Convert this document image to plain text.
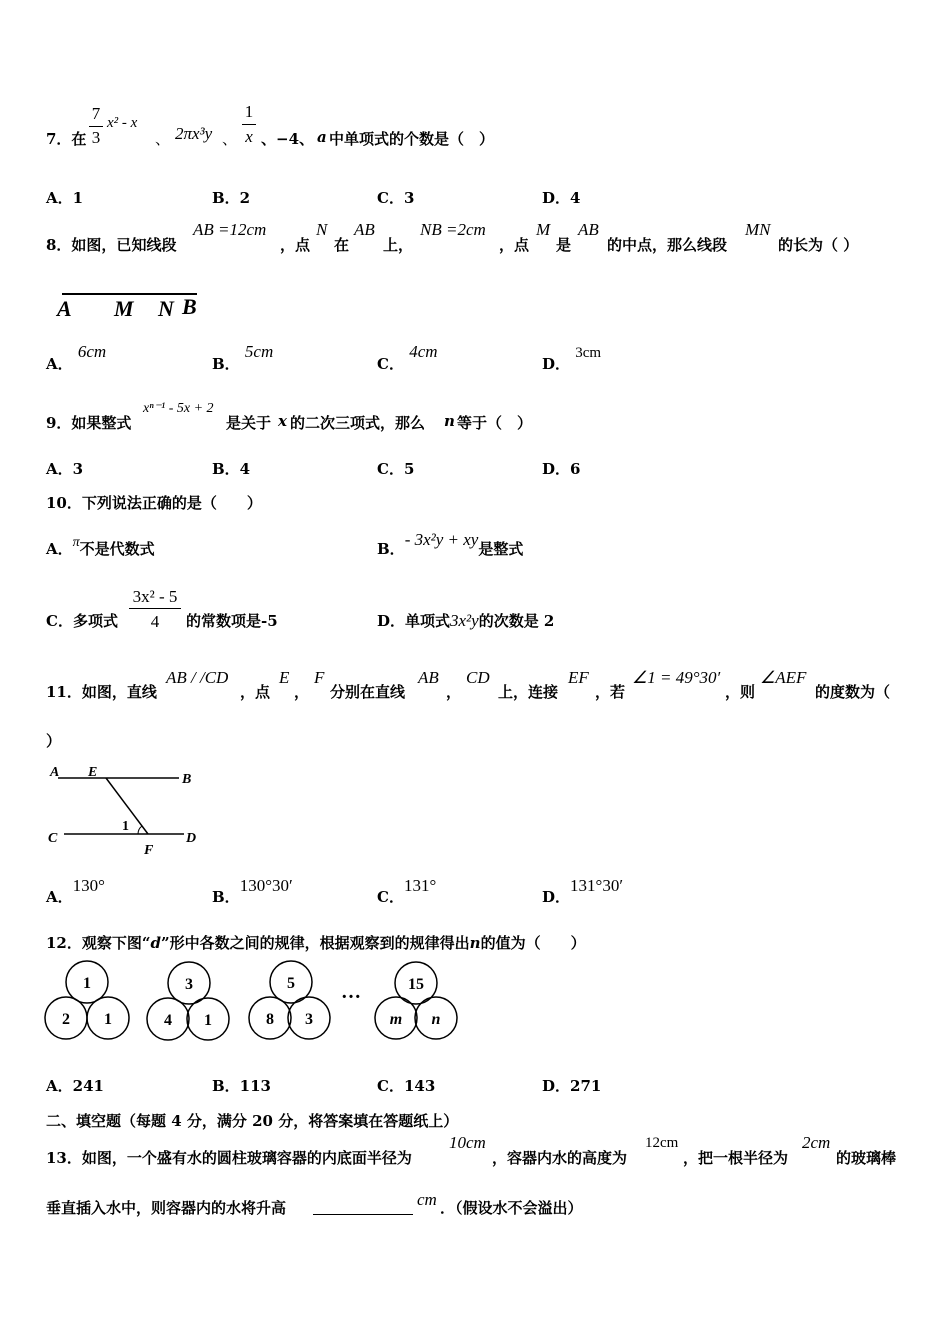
7．在
7
3
x² - x
、 2πx³y 、
1
x 、−4、 a 中单项式的个数是（　）
A．1	B．2	C．3	D．4
8．如图，已知线段
AB =12cm
，点
N
在
AB
上，
NB =2cm
，点
M
是
AB
的中点，那么线段
MN
的长为（ ）
A M N B
A． 6cm
B． 5cm
C． 4cm
D． 3cm
9．如果整式
xⁿ⁻¹ - 5x + 2
是关于 x 的二次三项式，那么 n 等于（　）
A．3	B．4	C．5	D．6
10．下列说法正确的是（　　）
A．π不是代数式	B．- 3x²y + xy是整式
C．多项式
3x² - 5
4	的常数项是-5	D．单项式3x²y的次数是 2
11．如图，直线
AB / /CD
，点
E
，
F
分别在直线
AB
，
CD
上，连接
EF
，若
∠1 = 49°30′
，则
∠AEF
的度数为（
）
A E	B
C
1
D
F
A．130°
B．130°30′
C．131°
D．131°30′
12．观察下图“d”形中各数之间的规律，根据观察到的规律得出n的值为（　　）
1
2 1
3
4 1
5
8 3
15
m n
…
A．241	B．113	C．143	D．271
二、填空题（每题 4 分，满分 20 分，将答案填在答题纸上）
13．如图，一个盛有水的圆柱玻璃容器的内底面半径为
10cm
，容器内水的高度为
12cm
，把一根半径为
2cm
的玻璃棒
垂直插入水中，则容器内的水将升高	cm ．（假设水不会溢出）
